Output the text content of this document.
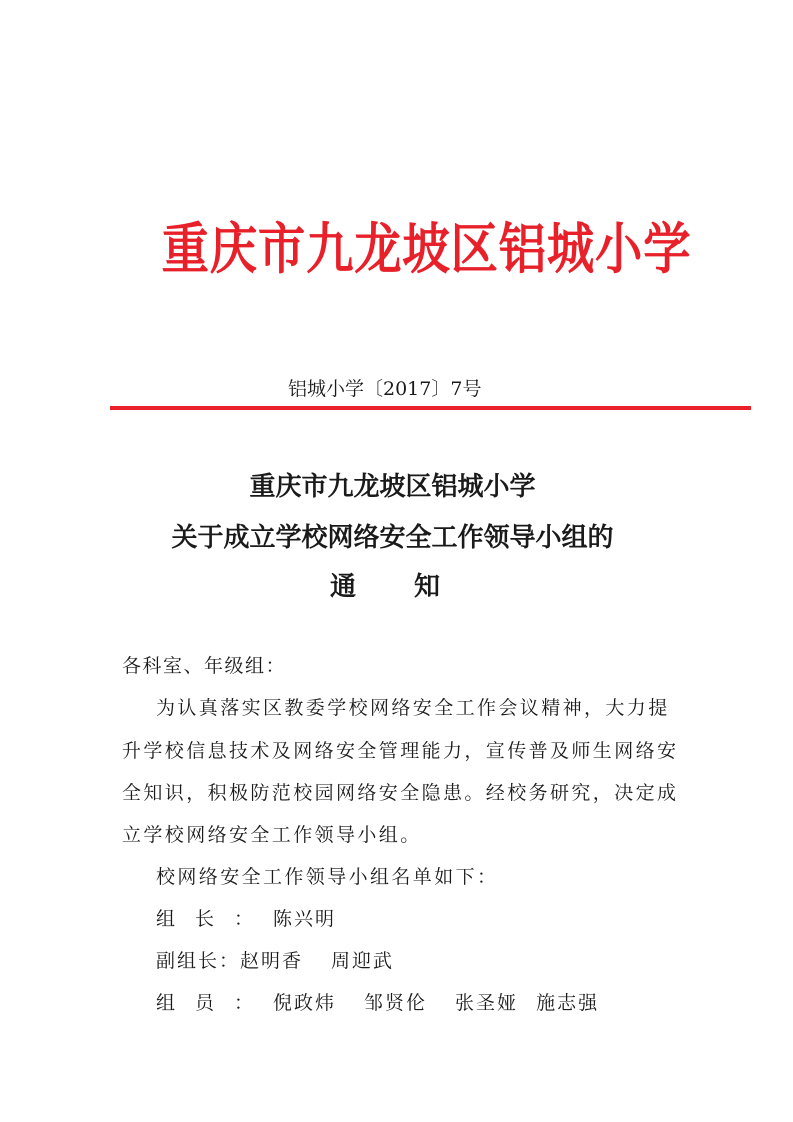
重庆市九龙坡区铝城小学
铝城小学〔2017〕7号
重庆市九龙坡区铝城小学
关于成立学校网络安全工作领导小组的
通 知
各科室、年级组：
为认真落实区教委学校网络安全工作会议精神，大力提
升学校信息技术及网络安全管理能力，宣传普及师生网络安
全知识，积极防范校园网络安全隐患。经校务研究，决定成
立学校网络安全工作领导小组。
校网络安全工作领导小组名单如下：
组长：陈兴明
副组长：赵明香 周迎武
组员：倪政炜 邹贤伦 张圣娅 施志强
